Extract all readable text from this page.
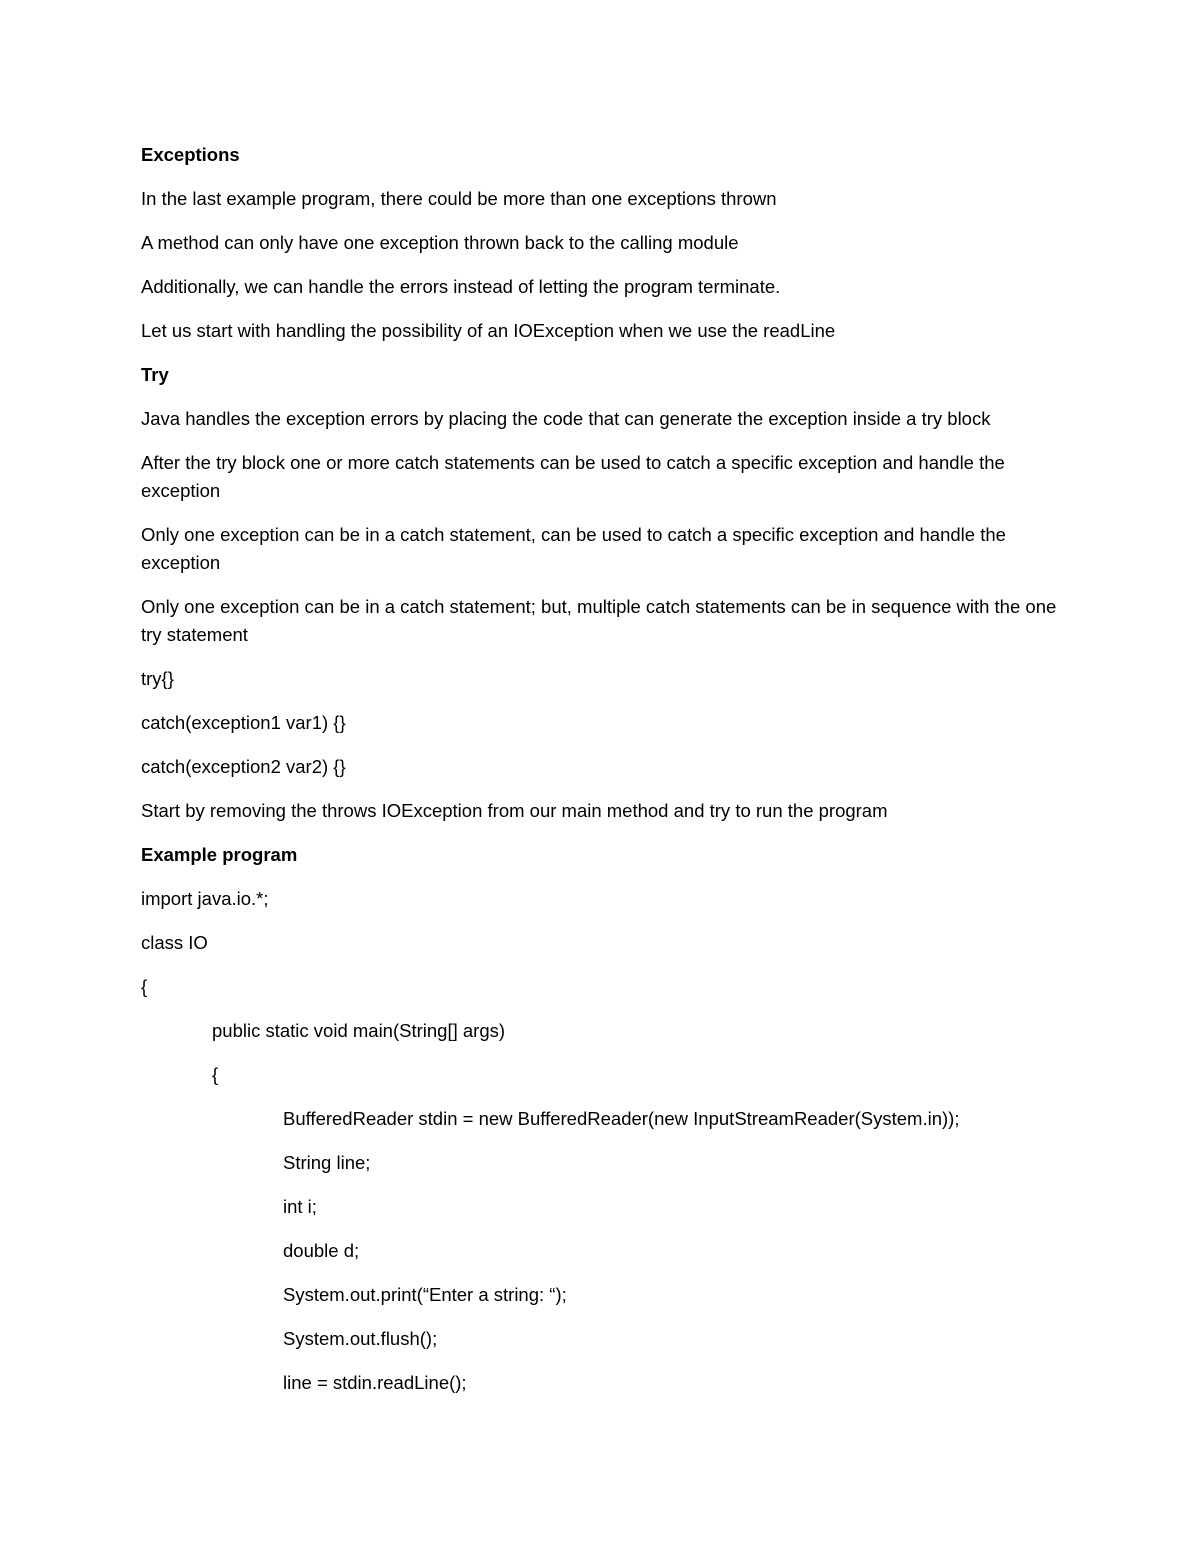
Exceptions
In the last example program, there could be more than one exceptions thrown
A method can only have one exception thrown back to the calling module
Additionally, we can handle the errors instead of letting the program terminate.
Let us start with handling the possibility of an IOException when we use the readLine
Try
Java handles the exception errors by placing the code that can generate the exception inside a try block
After the try block one or more catch statements can be used to catch a specific exception and handle the exception
Only one exception can be in a catch statement, can be used to catch a specific exception and handle the exception
Only one exception can be in a catch statement; but, multiple catch statements can be in sequence with the one try statement
try{}
catch(exception1 var1) {}
catch(exception2 var2) {}
Start by removing the throws IOException from our main method and try to run the program
Example program
import java.io.*;
class IO
{
public static void main(String[] args)
{
BufferedReader stdin = new BufferedReader(new InputStreamReader(System.in));
String line;
int i;
double d;
System.out.print(“Enter a string: “);
System.out.flush();
line = stdin.readLine();
